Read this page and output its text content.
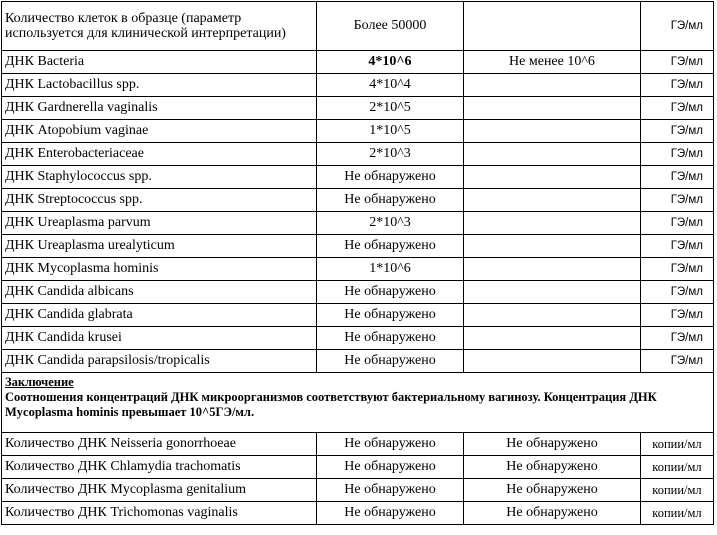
Количество клеток в образце (параметр используется для клинической интерпретации)	Более 50000		ГЭ/мл
ДНК Bacteria	4*10^6	Не менее 10^6	ГЭ/мл
ДНК Lactobacillus spp.	4*10^4		ГЭ/мл
ДНК Gardnerella vaginalis	2*10^5		ГЭ/мл
ДНК Atopobium vaginae	1*10^5		ГЭ/мл
ДНК Enterobacteriaceae	2*10^3		ГЭ/мл
ДНК Staphylococcus spp.	Не обнаружено		ГЭ/мл
ДНК Streptococcus spp.	Не обнаружено		ГЭ/мл
ДНК Ureaplasma parvum	2*10^3		ГЭ/мл
ДНК Ureaplasma urealyticum	Не обнаружено		ГЭ/мл
ДНК Mycoplasma hominis	1*10^6		ГЭ/мл
ДНК Candida albicans	Не обнаружено		ГЭ/мл
ДНК Candida glabrata	Не обнаружено		ГЭ/мл
ДНК Candida krusei	Не обнаружено		ГЭ/мл
ДНК Candida parapsilosis/tropicalis	Не обнаружено		ГЭ/мл

Заключение
Соотношения концентраций ДНК микроорганизмов соответствуют бактериальному вагинозу. Концентрация ДНК Mycoplasma hominis превышает 10^5ГЭ/мл.			

Количество ДНК Neisseria gonorrhoeae	Не обнаружено	Не обнаружено	копии/мл
Количество ДНК Chlamydia trachomatis	Не обнаружено	Не обнаружено	копии/мл
Количество ДНК Mycoplasma genitalium	Не обнаружено	Не обнаружено	копии/мл
Количество ДНК Trichomonas vaginalis	Не обнаружено	Не обнаружено	копии/мл
